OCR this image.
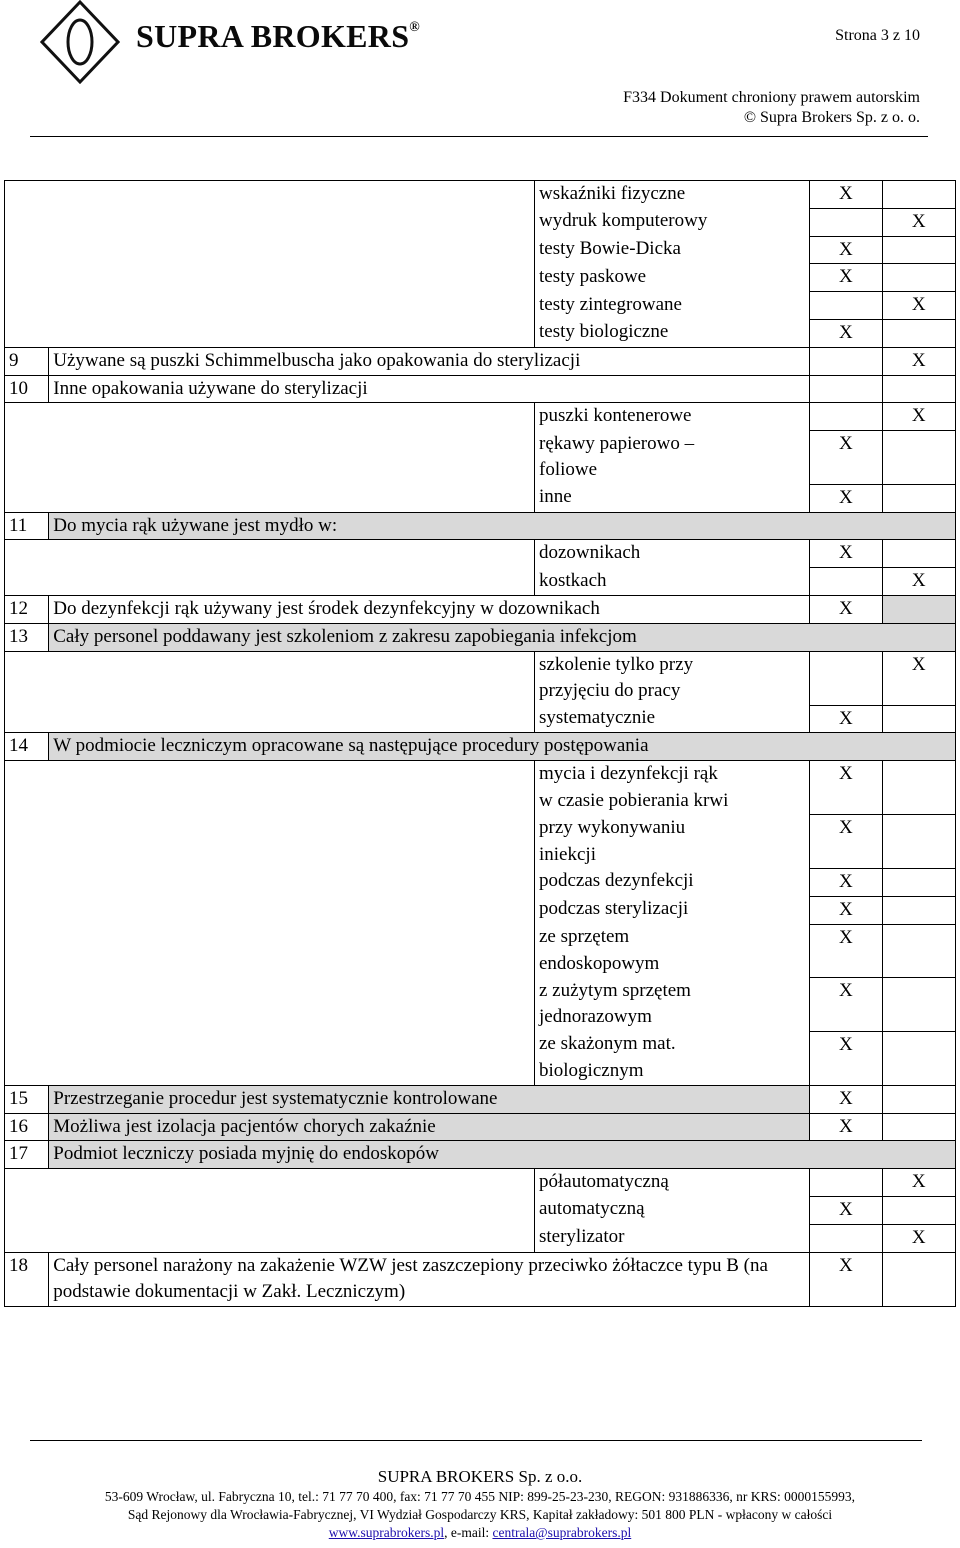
SUPRA BROKERS®	Strona 3 z 10
F334 Dokument chroniony prawem autorskim
© Supra Brokers Sp. z o. o.
		wskaźniki fizyczne	X	
		wydruk komputerowy		X
		testy Bowie-Dicka	X	
		testy paskowe	X	
		testy zintegrowane		X
		testy biologiczne	X	
9	Używane są puszki Schimmelbuscha jako opakowania do sterylizacji			X
10	Inne opakowania używane do sterylizacji			
		puszki kontenerowe		X
		rękawy papierowo –
foliowe	X	
		inne	X	
11	Do mycia rąk używane jest mydło w:			
		dozownikach	X	
		kostkach		X
12	Do dezynfekcji rąk używany jest środek dezynfekcyjny w dozownikach		X	
13	Cały personel poddawany jest szkoleniom z zakresu zapobiegania infekcjom			
		szkolenie tylko przy
przyjęciu do pracy		X
		systematycznie	X	
14	W podmiocie leczniczym opracowane są następujące procedury postępowania			
		mycia i dezynfekcji rąk
w czasie pobierania krwi	X	
		przy wykonywaniu
iniekcji	X	
		podczas dezynfekcji	X	
		podczas sterylizacji	X	
		ze sprzętem
endoskopowym	X	
		z zużytym sprzętem
jednorazowym	X	
		ze skażonym mat.
biologicznym	X	
15	Przestrzeganie procedur jest systematycznie kontrolowane		X	
16	Możliwa jest izolacja pacjentów chorych zakaźnie		X	
17	Podmiot leczniczy posiada myjnię do endoskopów			
		półautomatyczną		X
		automatyczną	X	
		sterylizator		X
18	Cały personel narażony na zakażenie WZW jest zaszczepiony przeciwko żółtaczce typu B (na podstawie dokumentacji w Zakł. Leczniczym)		X	
SUPRA BROKERS Sp. z o.o.
53-609 Wrocław, ul. Fabryczna 10, tel.: 71 77 70 400, fax: 71 77 70 455 NIP: 899-25-23-230, REGON: 931886336, nr KRS: 0000155993,
Sąd Rejonowy dla Wrocławia-Fabrycznej, VI Wydział Gospodarczy KRS, Kapitał zakładowy: 501 800 PLN - wpłacony w całości
www.suprabrokers.pl, e-mail: centrala@suprabrokers.pl
